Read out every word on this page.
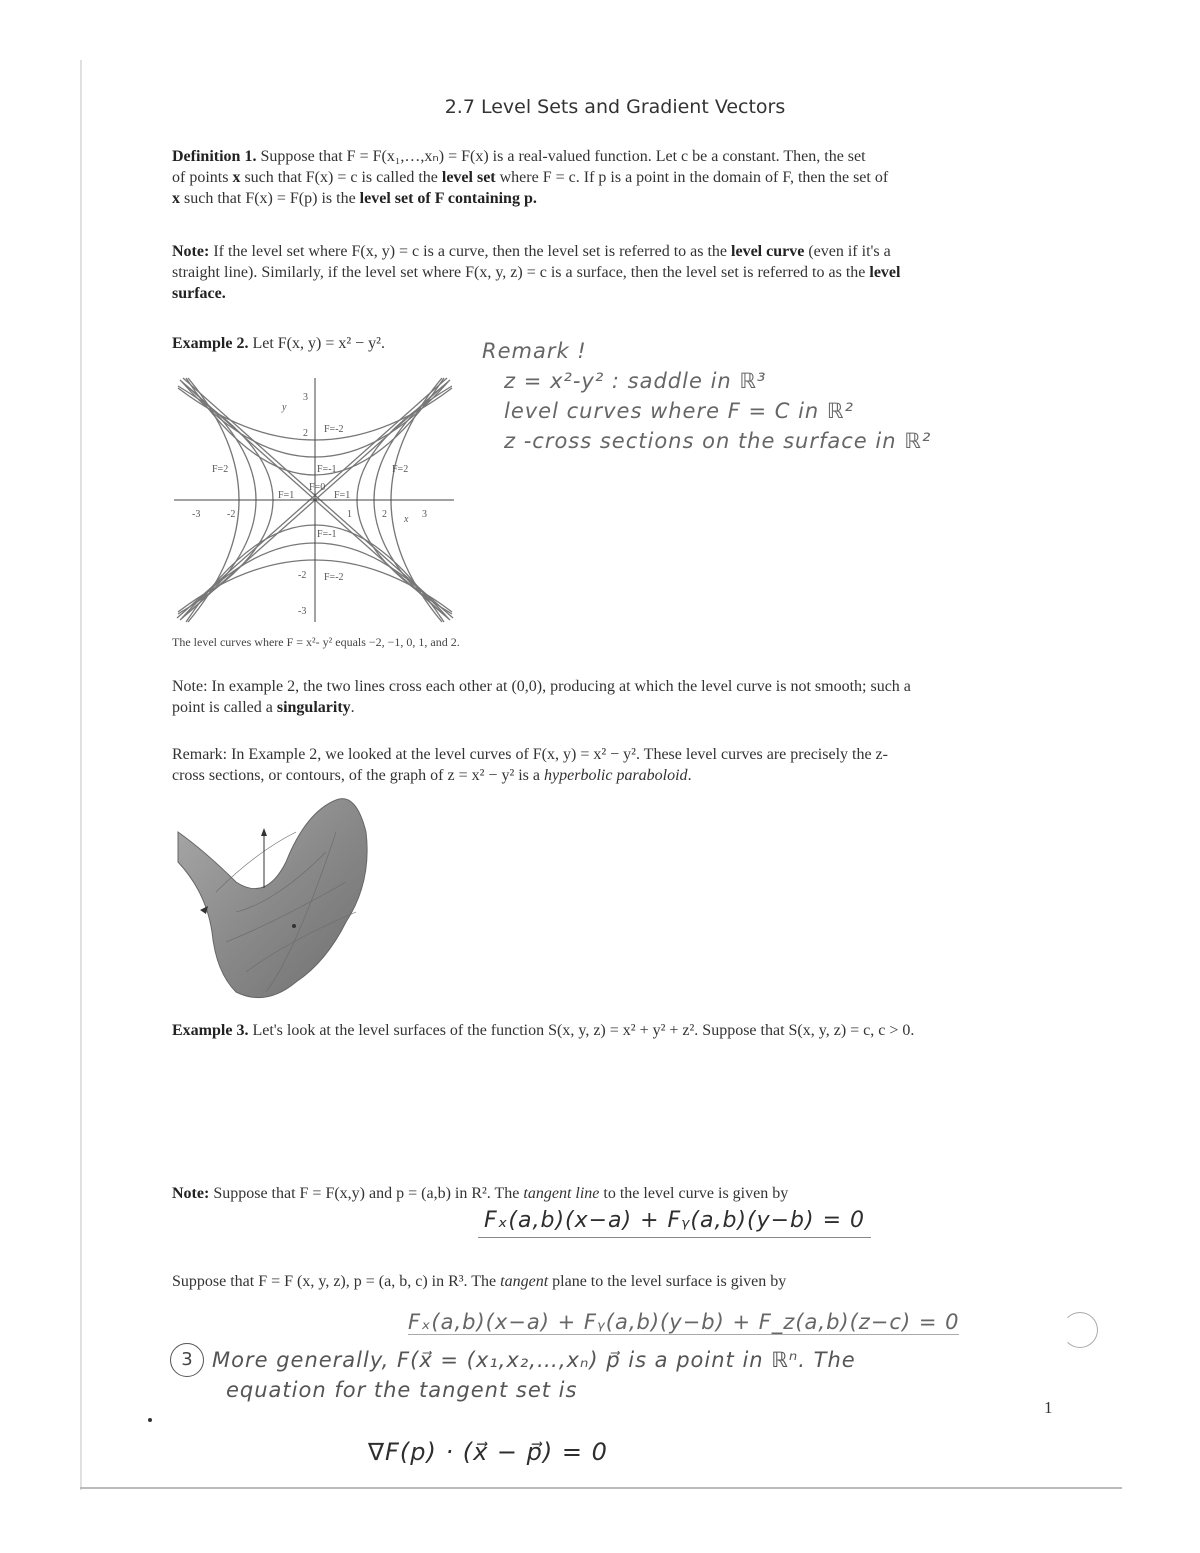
2.7 Level Sets and Gradient Vectors
Definition 1. Suppose that F = F(x₁,…,xₙ) = F(x) is a real-valued function. Let c be a constant. Then, the set
of points x such that F(x) = c is called the level set where F = c. If p is a point in the domain of F, then the set of
x such that F(x) = F(p) is the level set of F containing p.
Note: If the level set where F(x, y) = c is a curve, then the level set is referred to as the level curve (even if it's a
straight line). Similarly, if the level set where F(x, y, z) = c is a surface, then the level set is referred to as the level
surface.
Example 2. Let F(x, y) = x² − y².
-3	-2	1	2	3
3
2
-2
-3
y
x
F=-2
F=-2
F=2	F=2
F=1
F=1
F=0
F=-1
F=-1
The level curves where F = x²- y² equals −2, −1, 0, 1, and 2.
Remark !
z = x²-y² : saddle in ℝ³
level curves where F = C in ℝ²
z -cross sections on the surface in ℝ²
Note: In example 2, the two lines cross each other at (0,0), producing at which the level curve is not smooth; such a
point is called a singularity.
Remark: In Example 2, we looked at the level curves of F(x, y) = x² − y². These level curves are precisely the z-
cross sections, or contours, of the graph of z = x² − y² is a hyperbolic paraboloid.

Example 3. Let's look at the level surfaces of the function S(x, y, z) = x² + y² + z². Suppose that S(x, y, z) = c, c > 0.
Note: Suppose that F = F(x,y) and p = (a,b) in R². The tangent line to the level curve is given by
Fₓ(a,b)(x−a) + Fᵧ(a,b)(y−b) = 0
Suppose that F = F (x, y, z), p = (a, b, c) in R³. The tangent plane to the level surface is given by
Fₓ(a,b)(x−a) + Fᵧ(a,b)(y−b) + F_z(a,b)(z−c) = 0
3 More generally, F(x⃗ = (x₁,x₂,…,xₙ) p⃗ is a point in ℝⁿ. The
equation for the tangent set is
∇F(p) · (x⃗ − p⃗) = 0
1
